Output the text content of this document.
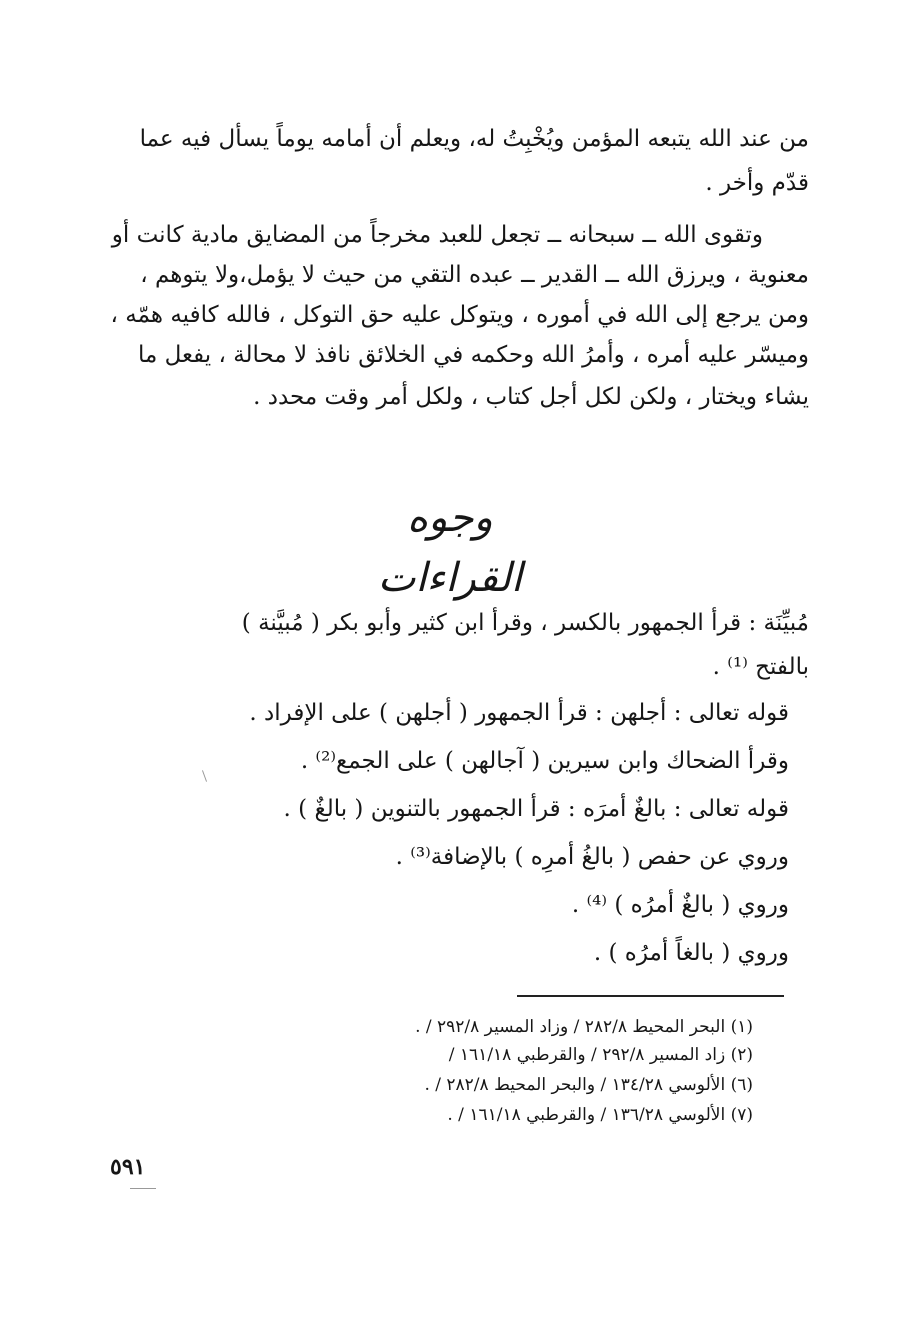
من عند الله يتبعه المؤمن ويُخْبِتُ له، ويعلم أن أمامه يوماً يسأل فيه عما
قدّم وأخر .
وتقوى الله ــ سبحانه ــ تجعل للعبد مخرجاً من المضايق مادية كانت أو
معنوية ، ويرزق الله ــ القدير ــ عبده التقي من حيث لا يؤمل،ولا يتوهم ،
ومن يرجع إلى الله في أموره ، ويتوكل عليه حق التوكل ، فالله كافيه همّه ،
وميسّر عليه أمره ، وأمرُ الله وحكمه في الخلائق نافذ لا محالة ، يفعل ما
يشاء ويختار ، ولكن لكل أجل كتاب ، ولكل أمر وقت محدد .
وجوه القراءات
مُبيِّنَة : قرأ الجمهور بالكسر ، وقرأ ابن كثير وأبو بكر ( مُبيَّنة )
بالفتح ⁽¹⁾ .
قوله تعالى : أجلهن : قرأ الجمهور ( أجلهن ) على الإفراد .
وقرأ الضحاك وابن سيرين ( آجالهن ) على الجمع⁽²⁾ .
قوله تعالى : بالغٌ أمرَه : قرأ الجمهور بالتنوين ( بالغٌ ) .
وروي عن حفص ( بالغُ أمرِه ) بالإضافة⁽³⁾ .
وروي ( بالغٌ أمرُه ) ⁽⁴⁾ .
وروي ( بالغاً أمرُه ) .
(١) البحر المحيط ٢٨٢/٨ / وزاد المسير ٢٩٢/٨ / .
(٢) زاد المسير ٢٩٢/٨ / والقرطبي ١٦١/١٨ /
(٦) الألوسي ١٣٤/٢٨ / والبحر المحيط ٢٨٢/٨ / .
(٧) الألوسي ١٣٦/٢٨ / والقرطبي ١٦١/١٨ / .
٥٩١
